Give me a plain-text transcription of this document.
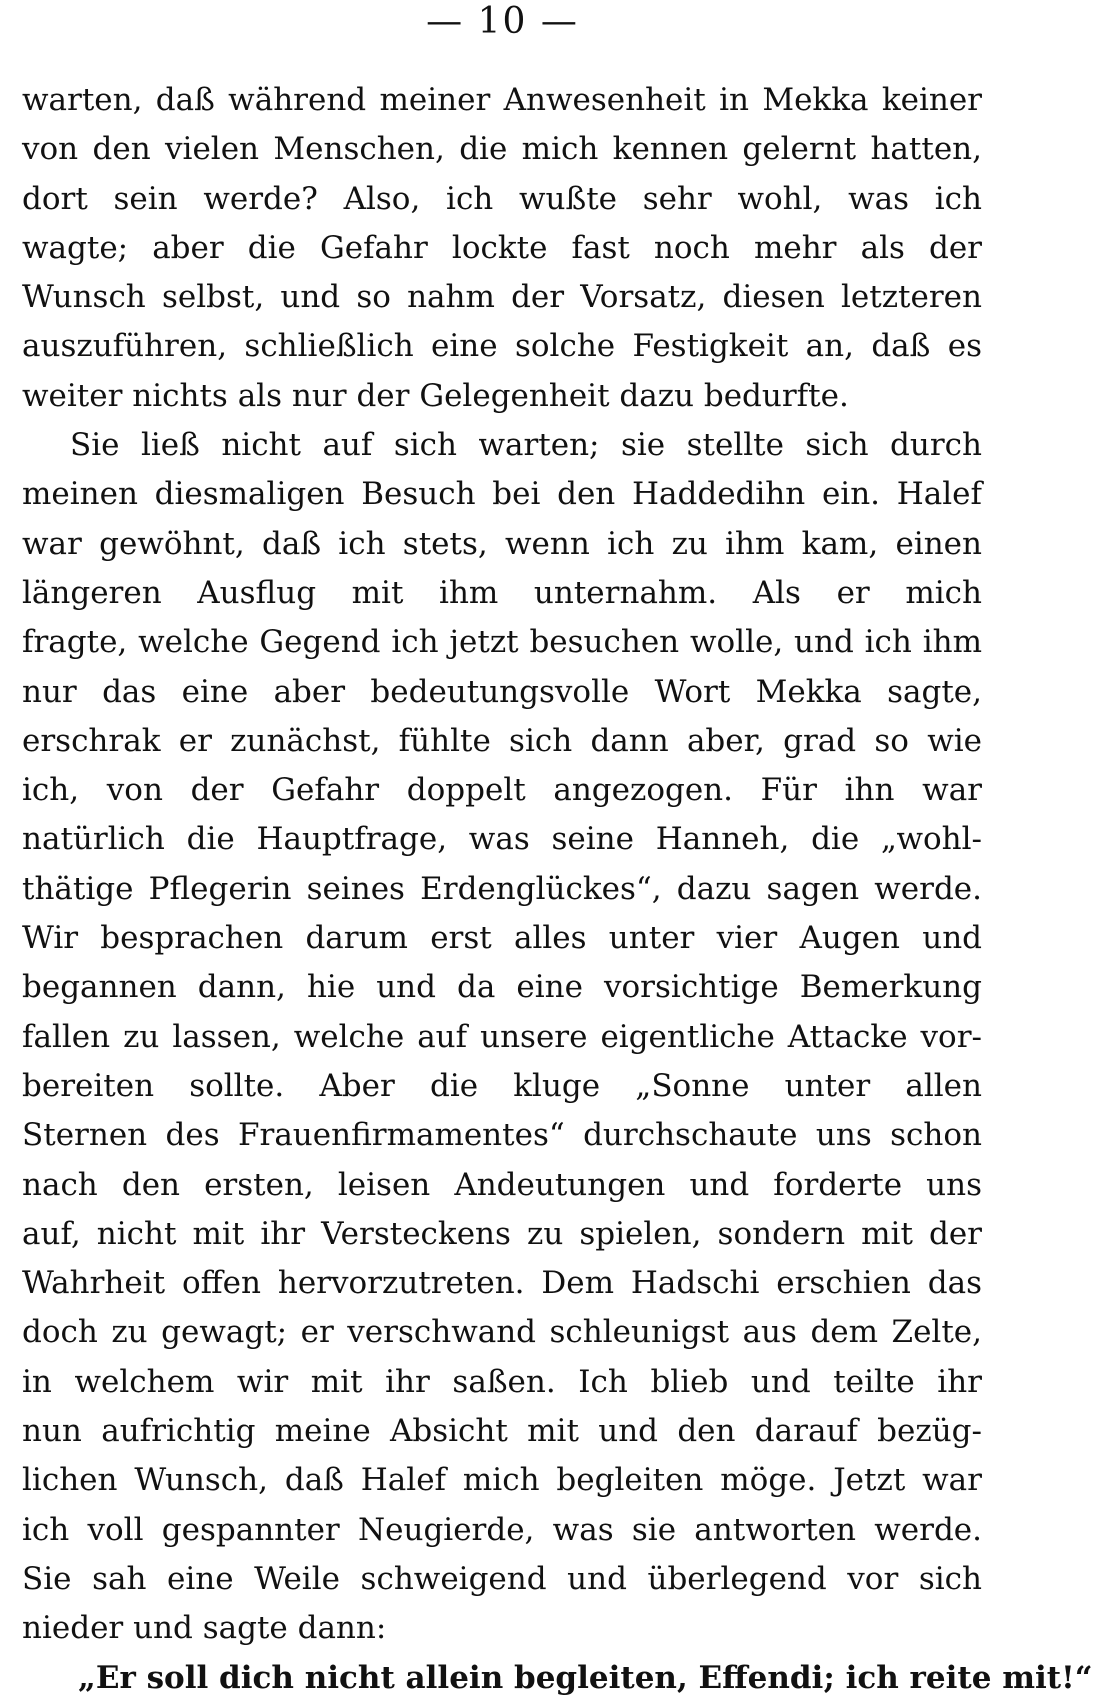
— 10 —
warten, daß während meiner Anwesenheit in Mekka keiner
von den vielen Menschen, die mich kennen gelernt hatten,
dort sein werde? Also, ich wußte sehr wohl, was ich
wagte; aber die Gefahr lockte fast noch mehr als der
Wunsch selbst, und so nahm der Vorsatz, diesen letzteren
auszuführen, schließlich eine solche Festigkeit an, daß es
weiter nichts als nur der Gelegenheit dazu bedurfte.
Sie ließ nicht auf sich warten; sie stellte sich durch
meinen diesmaligen Besuch bei den Haddedihn ein. Halef
war gewöhnt, daß ich stets, wenn ich zu ihm kam, einen
längeren Ausflug mit ihm unternahm. Als er mich
fragte, welche Gegend ich jetzt besuchen wolle, und ich ihm
nur das eine aber bedeutungsvolle Wort Mekka sagte,
erschrak er zunächst, fühlte sich dann aber, grad so wie
ich, von der Gefahr doppelt angezogen. Für ihn war
natürlich die Hauptfrage, was seine Hanneh, die „wohl-
thätige Pflegerin seines Erdenglückes“, dazu sagen werde.
Wir besprachen darum erst alles unter vier Augen und
begannen dann, hie und da eine vorsichtige Bemerkung
fallen zu lassen, welche auf unsere eigentliche Attacke vor-
bereiten sollte. Aber die kluge „Sonne unter allen
Sternen des Frauenfirmamentes“ durchschaute uns schon
nach den ersten, leisen Andeutungen und forderte uns
auf, nicht mit ihr Versteckens zu spielen, sondern mit der
Wahrheit offen hervorzutreten. Dem Hadschi erschien das
doch zu gewagt; er verschwand schleunigst aus dem Zelte,
in welchem wir mit ihr saßen. Ich blieb und teilte ihr
nun aufrichtig meine Absicht mit und den darauf bezüg-
lichen Wunsch, daß Halef mich begleiten möge. Jetzt war
ich voll gespannter Neugierde, was sie antworten werde.
Sie sah eine Weile schweigend und überlegend vor sich
nieder und sagte dann:
„Er soll dich nicht allein begleiten, Effendi; ich reite mit!“
